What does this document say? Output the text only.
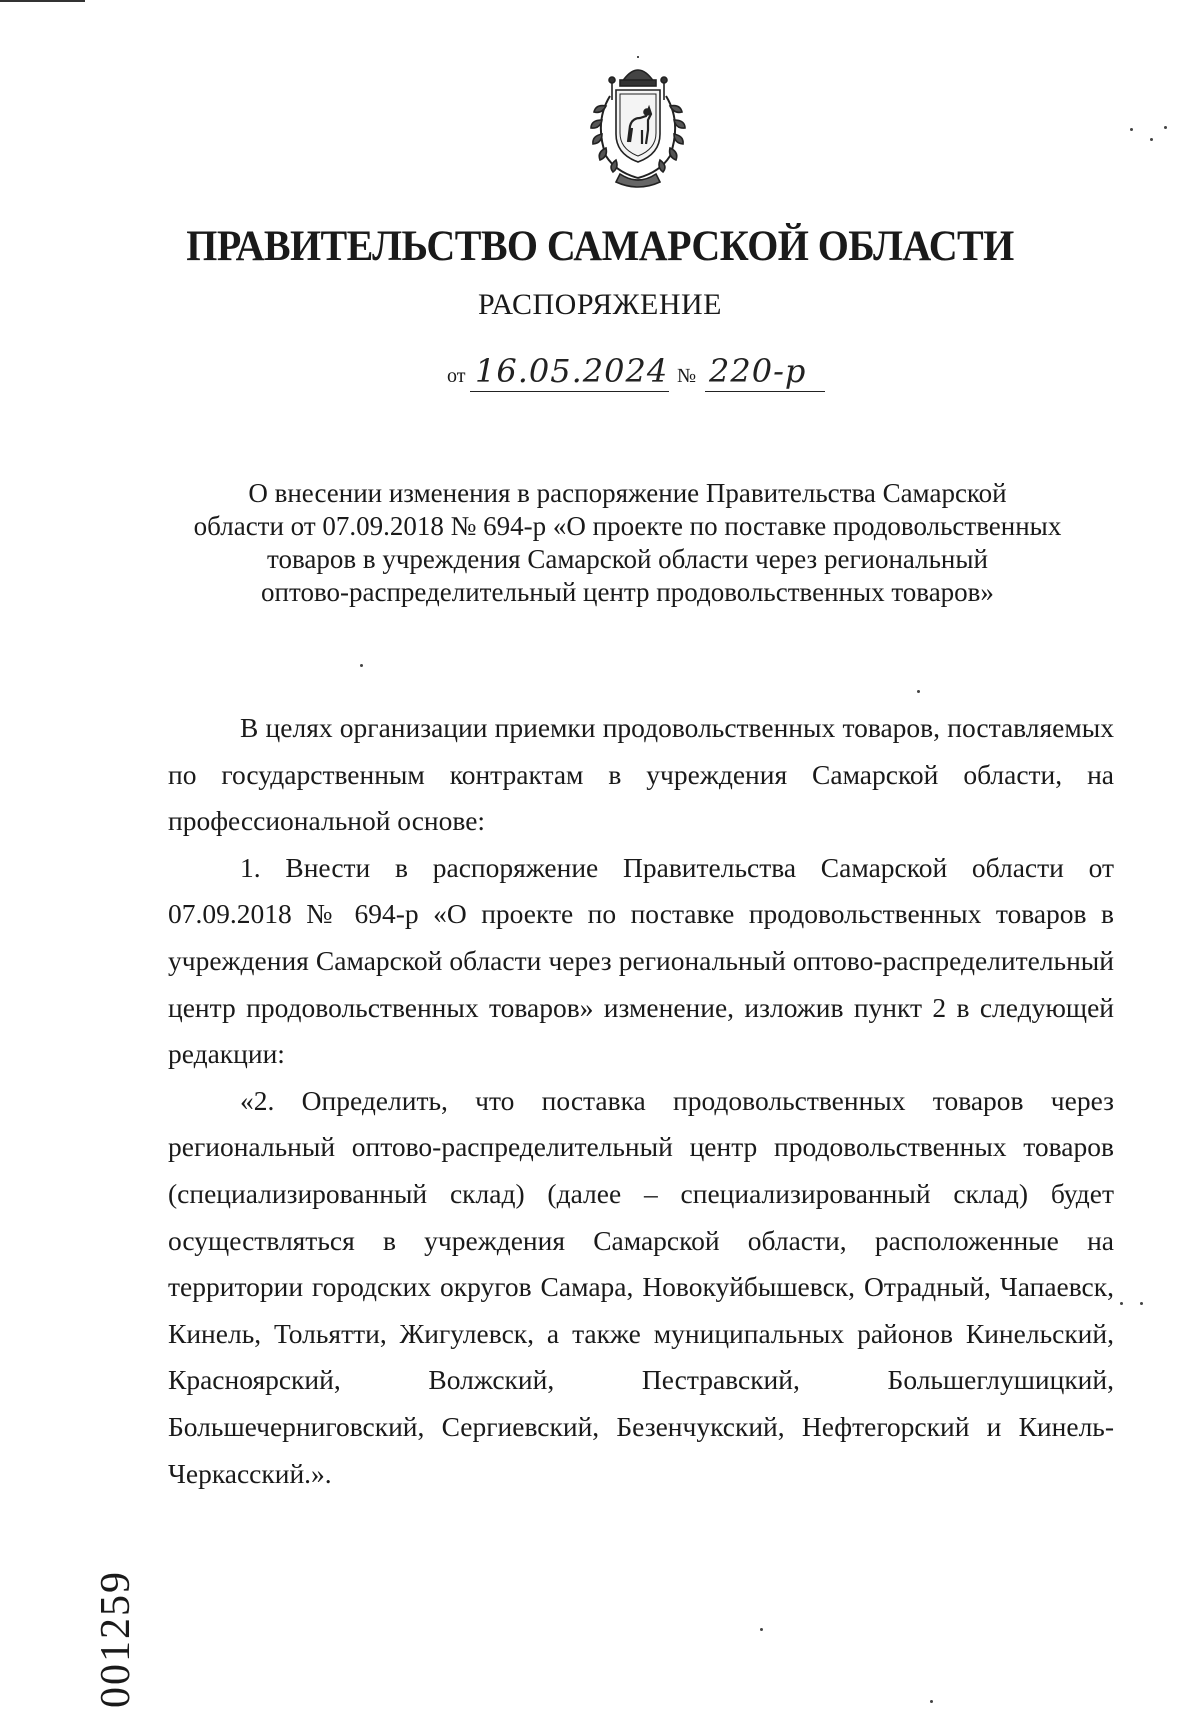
ПРАВИТЕЛЬСТВО САМАРСКОЙ ОБЛАСТИ
РАСПОРЯЖЕНИЕ
от 16.05.2024 № 220-р
О внесении изменения в распоряжение Правительства Самарской
области от 07.09.2018 № 694-р «О проекте по поставке продовольственных
товаров в учреждения Самарской области через региональный
оптово-распределительный центр продовольственных товаров»

В целях организации приемки продовольственных товаров, поставляемых по государственным контрактам в учреждения Самарской области, на профессиональной основе:

1. Внести в распоряжение Правительства Самарской области от 07.09.2018 № 694-р «О проекте по поставке продовольственных товаров в учреждения Самарской области через региональный оптово-распределительный центр продовольственных товаров» изменение, изложив пункт 2 в следующей редакции:

«2. Определить, что поставка продовольственных товаров через региональный оптово-распределительный центр продовольственных товаров (специализированный склад) (далее – специализированный склад) будет осуществляться в учреждения Самарской области, расположенные на территории городских округов Самара, Новокуйбышевск, Отрадный, Чапаевск, Кинель, Тольятти, Жигулевск, а также муниципальных районов Кинельский, Красноярский, Волжский, Пестравский, Большеглушицкий, Большечерниговский, Сергиевский, Безенчукский, Нефтегорский и Кинель-Черкасский.».

001259
